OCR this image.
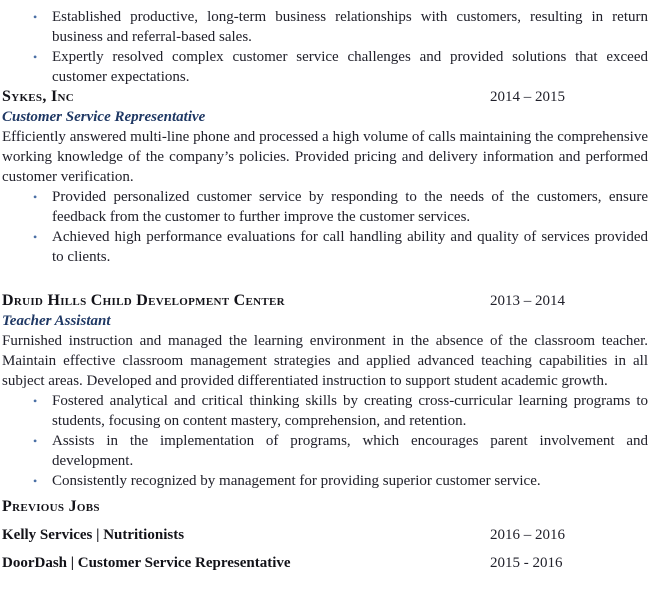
• Established productive, long-term business relationships with customers, resulting in return business and referral-based sales.
• Expertly resolved complex customer service challenges and provided solutions that exceed customer expectations.
Sykes, Inc	2014 – 2015
Customer Service Representative

Efficiently answered multi-line phone and processed a high volume of calls maintaining the comprehensive working knowledge of the company’s policies. Provided pricing and delivery information and performed customer verification.

• Provided personalized customer service by responding to the needs of the customers, ensure feedback from the customer to further improve the customer services.
• Achieved high performance evaluations for call handling ability and quality of services provided to clients.
Druid Hills Child Development Center	2013 – 2014
Teacher Assistant

Furnished instruction and managed the learning environment in the absence of the classroom teacher. Maintain effective classroom management strategies and applied advanced teaching capabilities in all subject areas. Developed and provided differentiated instruction to support student academic growth.

• Fostered analytical and critical thinking skills by creating cross-curricular learning programs to students, focusing on content mastery, comprehension, and retention.
• Assists in the implementation of programs, which encourages parent involvement and development.
• Consistently recognized by management for providing superior customer service.
Previous Jobs
Kelly Services | Nutritionists	2016 – 2016
DoorDash | Customer Service Representative	2015 - 2016
